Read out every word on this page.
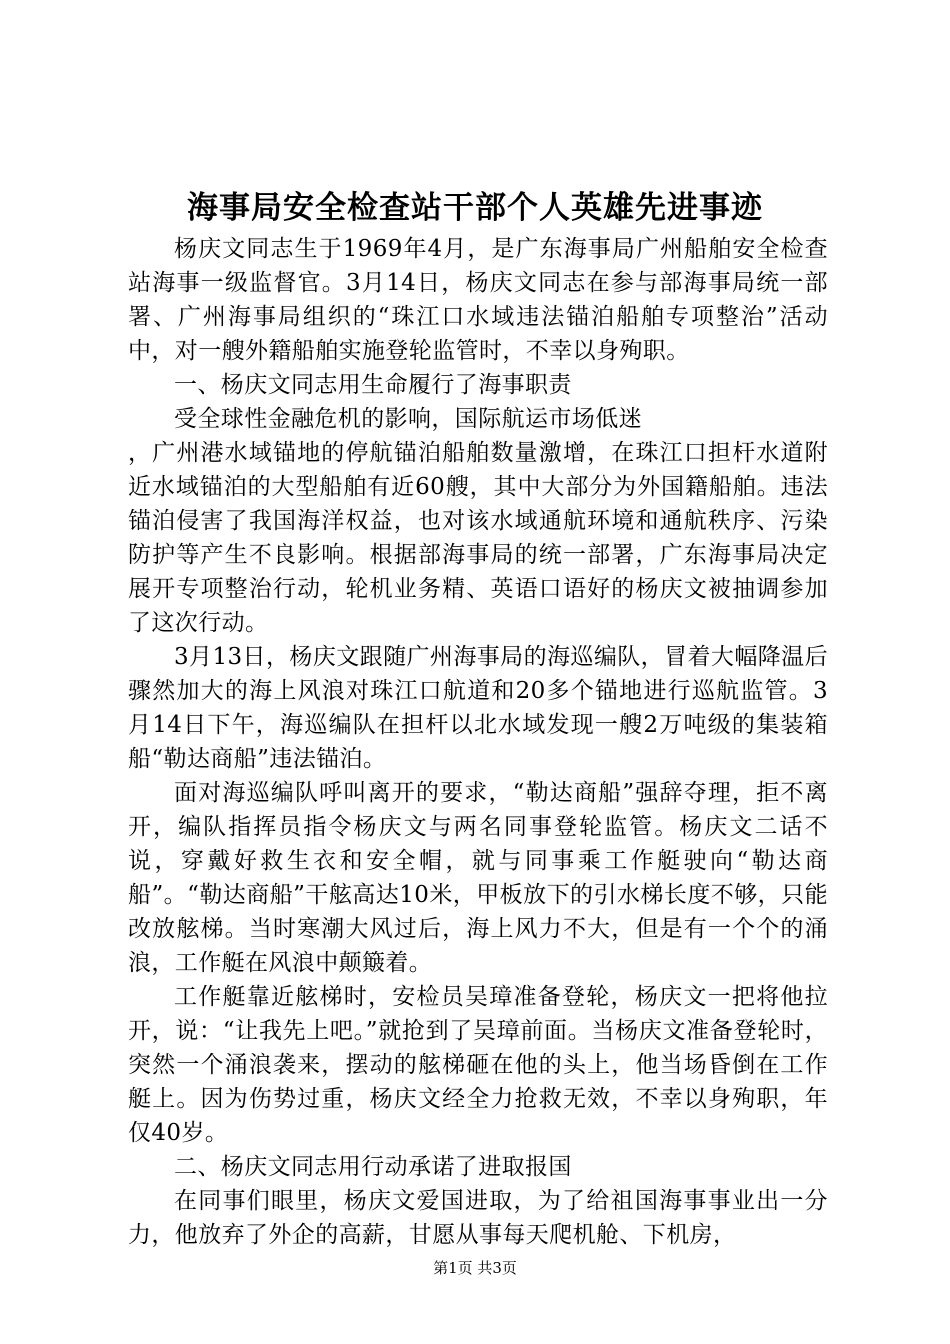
海事局安全检查站干部个人英雄先进事迹

杨庆文同志生于1969年4月，是广东海事局广州船舶安全检查站海事一级监督官。3月14日，杨庆文同志在参与部海事局统一部署、广州海事局组织的“珠江口水域违法锚泊船舶专项整治”活动中，对一艘外籍船舶实施登轮监管时，不幸以身殉职。

一、杨庆文同志用生命履行了海事职责

受全球性金融危机的影响，国际航运市场低迷

，广州港水域锚地的停航锚泊船舶数量激增，在珠江口担杆水道附近水域锚泊的大型船舶有近60艘，其中大部分为外国籍船舶。违法锚泊侵害了我国海洋权益，也对该水域通航环境和通航秩序、污染防护等产生不良影响。根据部海事局的统一部署，广东海事局决定展开专项整治行动，轮机业务精、英语口语好的杨庆文被抽调参加了这次行动。

3月13日，杨庆文跟随广州海事局的海巡编队，冒着大幅降温后骤然加大的海上风浪对珠江口航道和20多个锚地进行巡航监管。3月14日下午，海巡编队在担杆以北水域发现一艘2万吨级的集装箱船“勒达商船”违法锚泊。

面对海巡编队呼叫离开的要求，“勒达商船”强辞夺理，拒不离开，编队指挥员指令杨庆文与两名同事登轮监管。杨庆文二话不说，穿戴好救生衣和安全帽，就与同事乘工作艇驶向“勒达商船”。“勒达商船”干舷高达10米，甲板放下的引水梯长度不够，只能改放舷梯。当时寒潮大风过后，海上风力不大，但是有一个个的涌浪，工作艇在风浪中颠簸着。

工作艇靠近舷梯时，安检员吴璋准备登轮，杨庆文一把将他拉开，说：“让我先上吧。”就抢到了吴璋前面。当杨庆文准备登轮时，突然一个涌浪袭来，摆动的舷梯砸在他的头上，他当场昏倒在工作艇上。因为伤势过重，杨庆文经全力抢救无效，不幸以身殉职，年仅40岁。

二、杨庆文同志用行动承诺了进取报国

在同事们眼里，杨庆文爱国进取，为了给祖国海事事业出一分力，他放弃了外企的高薪，甘愿从事每天爬机舱、下机房，

第1页 共3页
